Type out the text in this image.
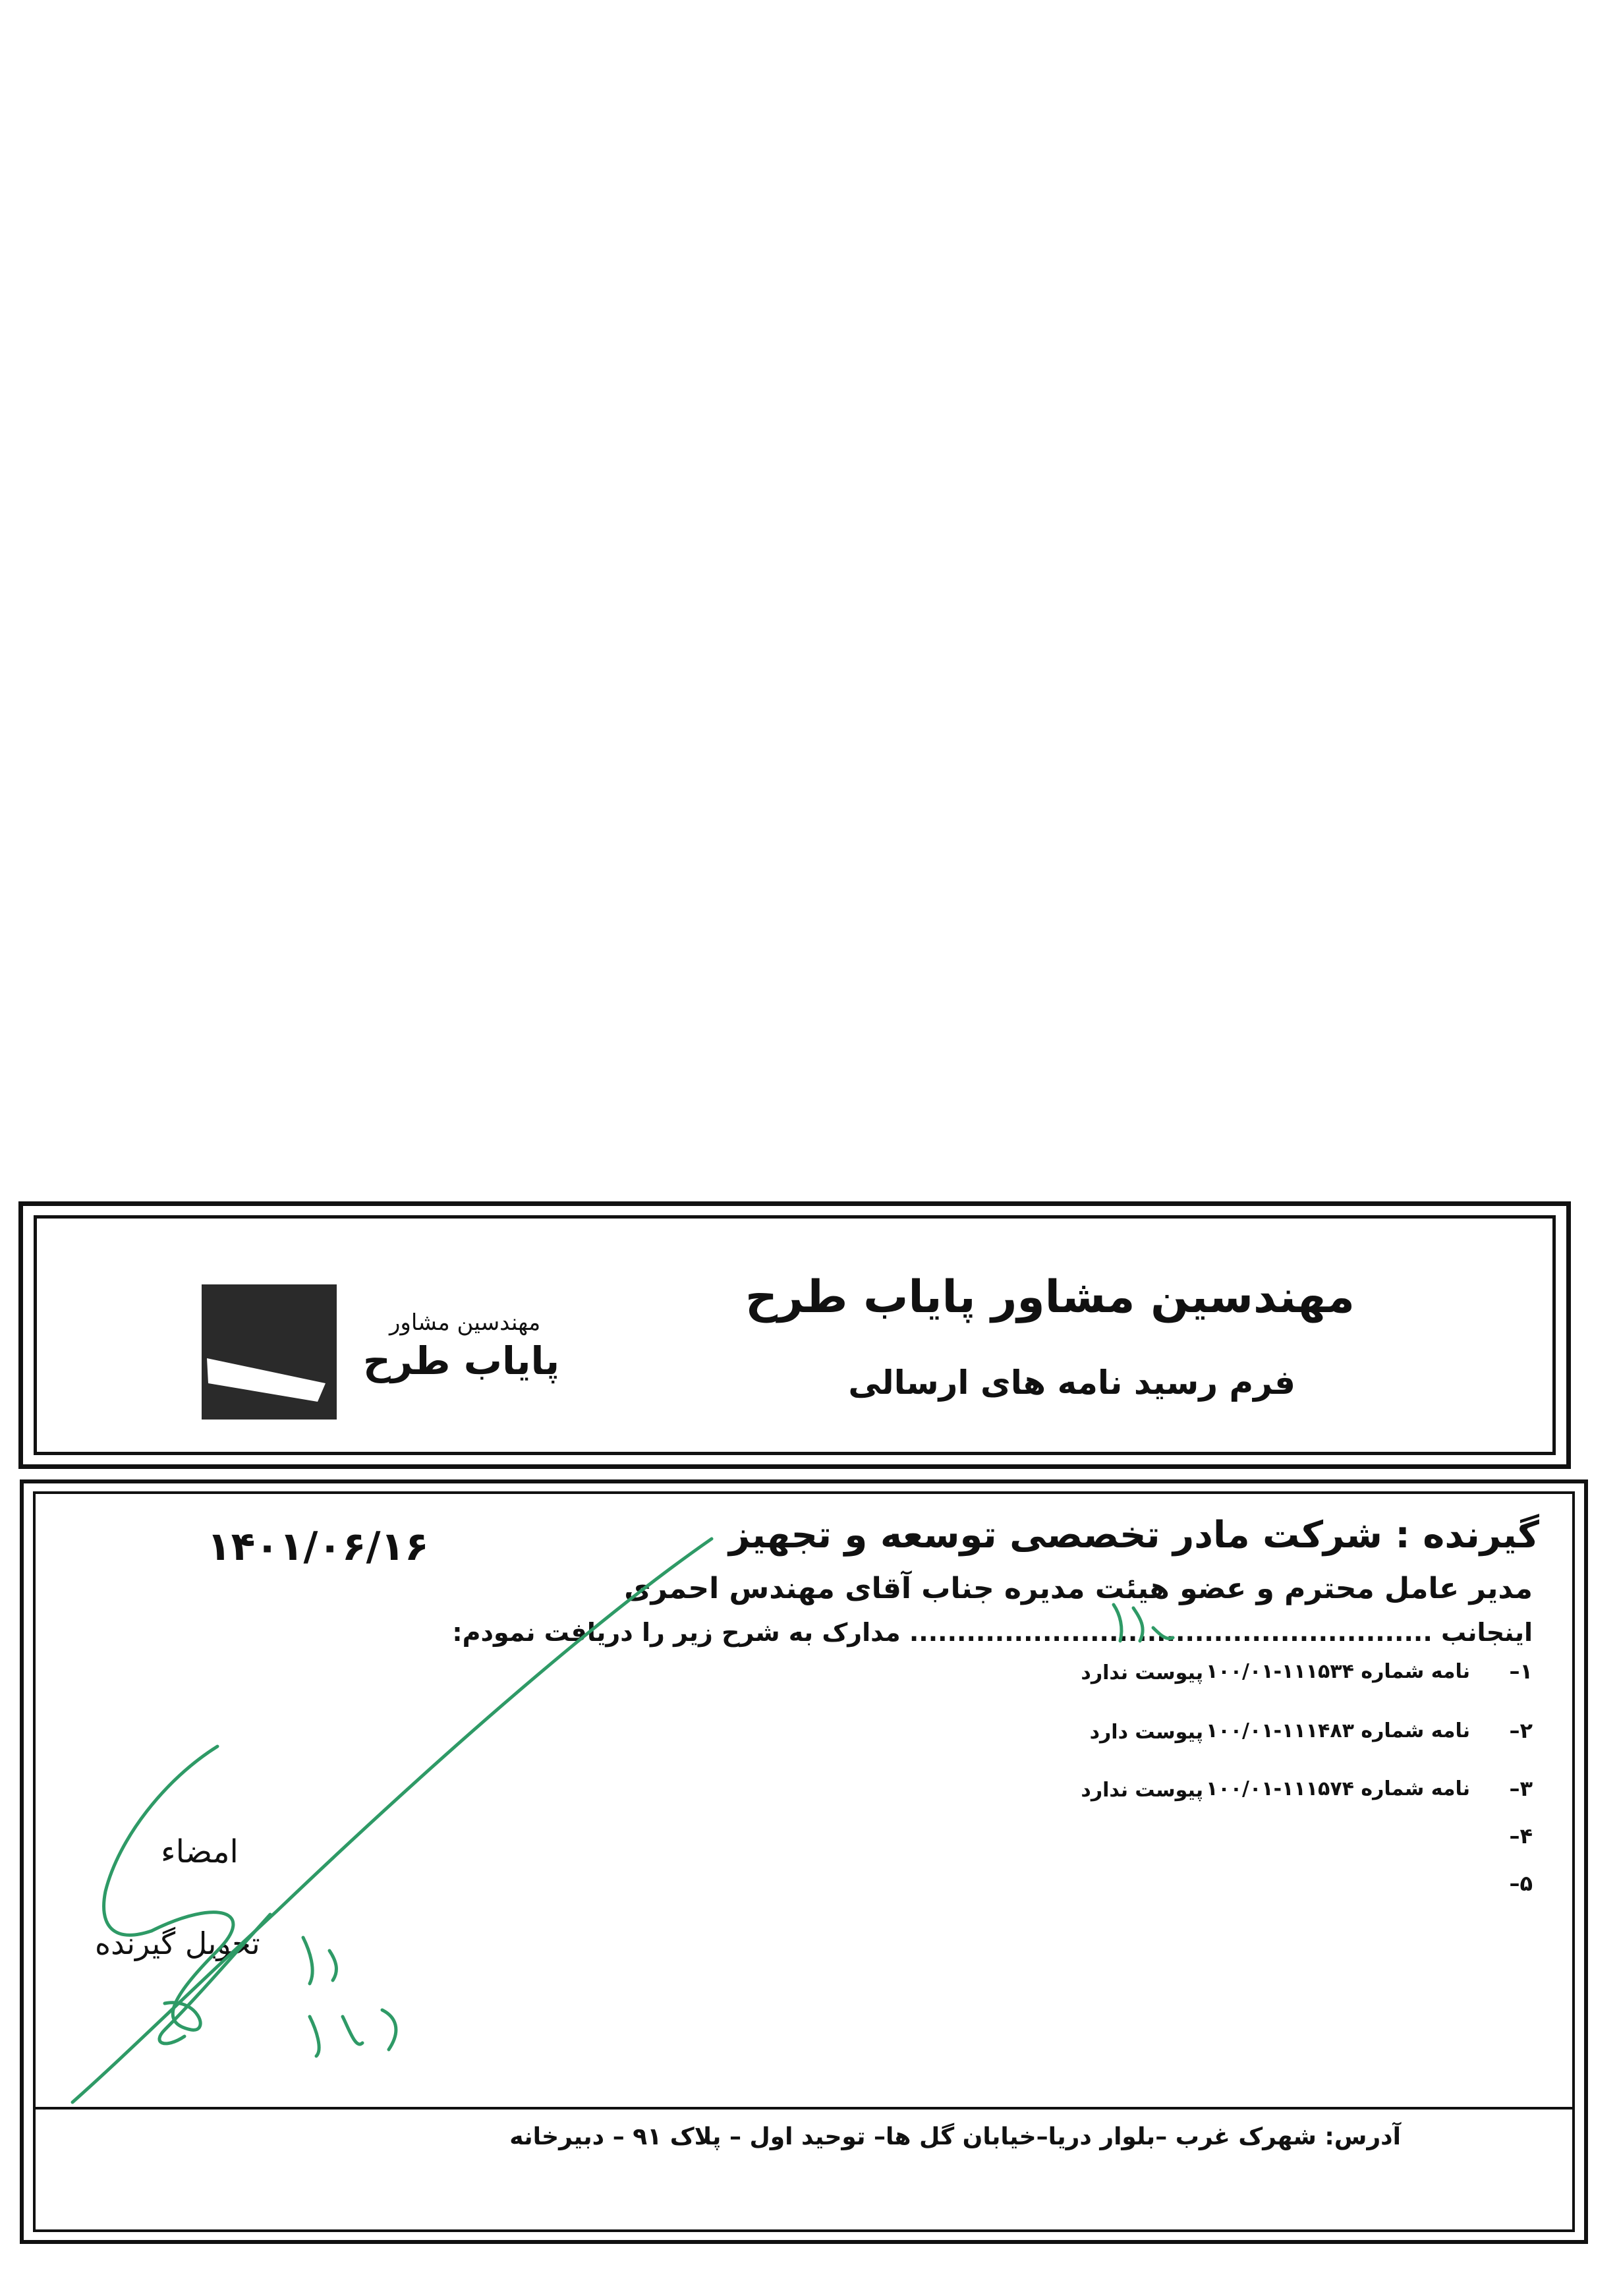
مهندسین مشاور پایاب طرح
فرم رسید نامه های ارسالی
مهندسین مشاور
پایاب طرح
گیرنده : شرکت مادر تخصصی توسعه و تجهیز
۱۴۰۱/۰۶/۱۶
مدیر عامل محترم و عضو هیئت مدیره جناب آقای مهندس احمری
اینجانب ....................................................... مدارک به شرح زیر را دریافت نمودم:
۱–
نامه شماره ۱۱۱۵۳۴-۱۰۰/۰۱
پیوست ندارد
۲–
نامه شماره ۱۱۱۴۸۳-۱۰۰/۰۱
پیوست دارد
۳–
نامه شماره ۱۱۱۵۷۴-۱۰۰/۰۱
پیوست ندارد
۴–
۵–
امضاء
تحویل گیرنده
آدرس: شهرک غرب –بلوار دریا–خیابان گل ها– توحید اول – پلاک ۹۱ – دبیرخانه
